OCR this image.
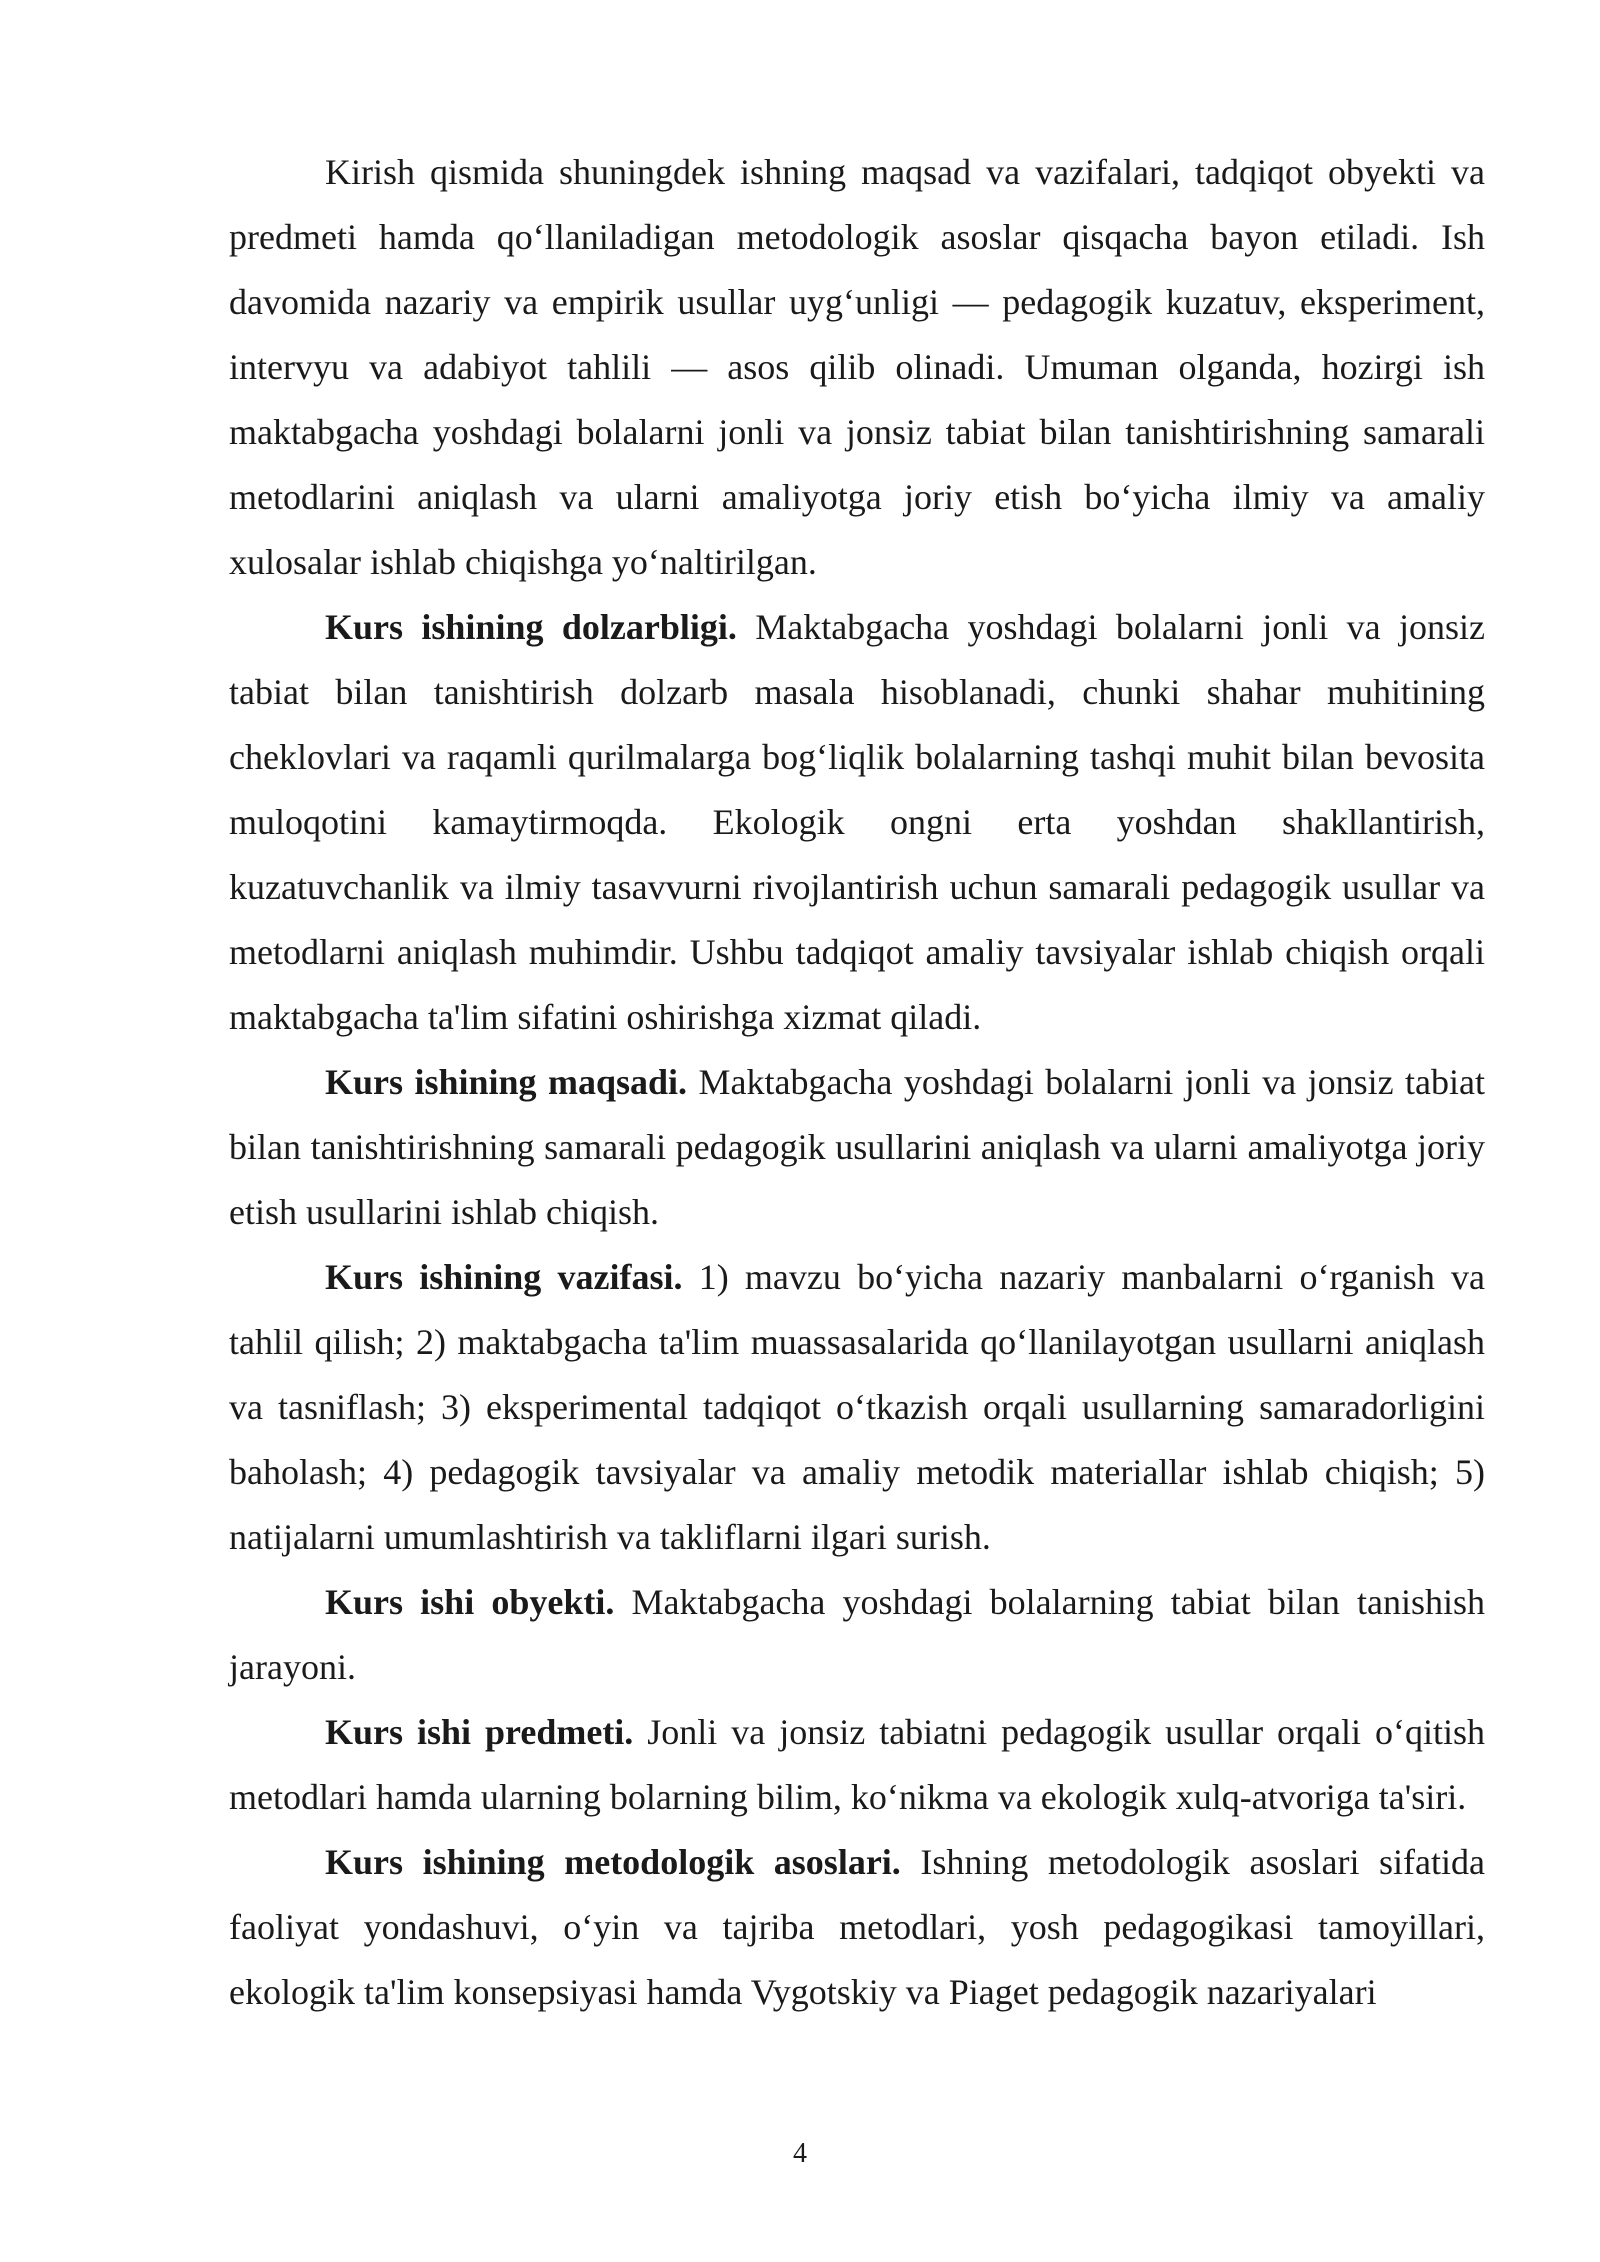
Kirish qismida shuningdek ishning maqsad va vazifalari, tadqiqot obyekti va predmeti hamda qo‘llaniladigan metodologik asoslar qisqacha bayon etiladi. Ish davomida nazariy va empirik usullar uyg‘unligi — pedagogik kuzatuv, eksperiment, intervyu va adabiyot tahlili — asos qilib olinadi. Umuman olganda, hozirgi ish maktabgacha yoshdagi bolalarni jonli va jonsiz tabiat bilan tanishtirishning samarali metodlarini aniqlash va ularni amaliyotga joriy etish bo‘yicha ilmiy va amaliy xulosalar ishlab chiqishga yo‘naltirilgan.

Kurs ishining dolzarbligi. Maktabgacha yoshdagi bolalarni jonli va jonsiz tabiat bilan tanishtirish dolzarb masala hisoblanadi, chunki shahar muhitining cheklovlari va raqamli qurilmalarga bog‘liqlik bolalarning tashqi muhit bilan bevosita muloqotini kamaytirmoqda. Ekologik ongni erta yoshdan shakllantirish, kuzatuvchanlik va ilmiy tasavvurni rivojlantirish uchun samarali pedagogik usullar va metodlarni aniqlash muhimdir. Ushbu tadqiqot amaliy tavsiyalar ishlab chiqish orqali maktabgacha ta'lim sifatini oshirishga xizmat qiladi.

Kurs ishining maqsadi. Maktabgacha yoshdagi bolalarni jonli va jonsiz tabiat bilan tanishtirishning samarali pedagogik usullarini aniqlash va ularni amaliyotga joriy etish usullarini ishlab chiqish.

Kurs ishining vazifasi. 1) mavzu bo‘yicha nazariy manbalarni o‘rganish va tahlil qilish; 2) maktabgacha ta'lim muassasalarida qo‘llanilayotgan usullarni aniqlash va tasniflash; 3) eksperimental tadqiqot o‘tkazish orqali usullarning samaradorligini baholash; 4) pedagogik tavsiyalar va amaliy metodik materiallar ishlab chiqish; 5) natijalarni umumlashtirish va takliflarni ilgari surish.

Kurs ishi obyekti. Maktabgacha yoshdagi bolalarning tabiat bilan tanishish jarayoni.

Kurs ishi predmeti. Jonli va jonsiz tabiatni pedagogik usullar orqali o‘qitish metodlari hamda ularning bolarning bilim, ko‘nikma va ekologik xulq-atvoriga ta'siri.

Kurs ishining metodologik asoslari. Ishning metodologik asoslari sifatida faoliyat yondashuvi, o‘yin va tajriba metodlari, yosh pedagogikasi tamoyillari, ekologik ta'lim konsepsiyasi hamda Vygotskiy va Piaget pedagogik nazariyalari

4
